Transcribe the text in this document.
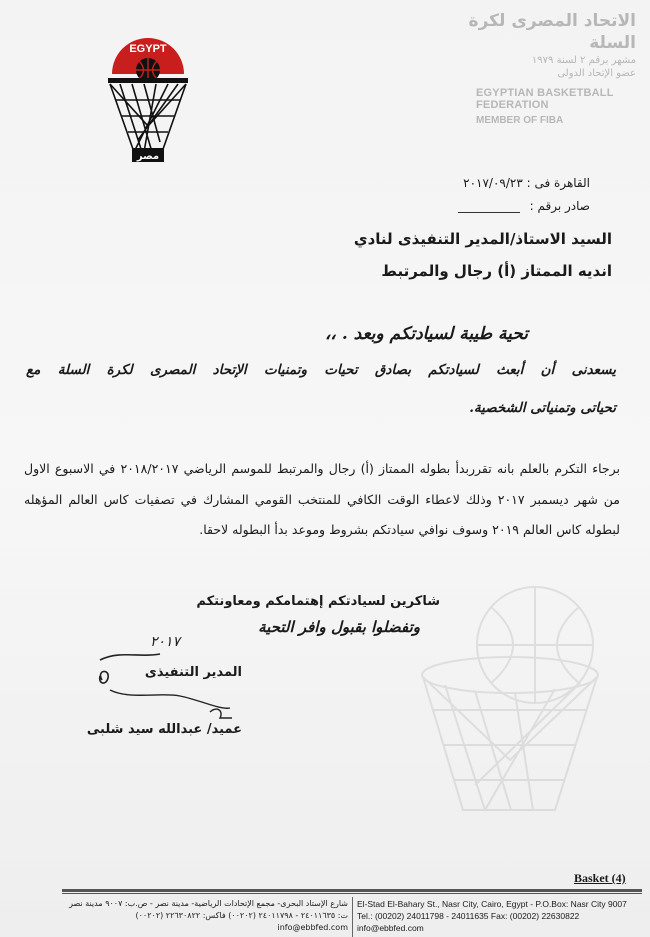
EGYPT
مصر
الاتحاد المصرى لكرة السلة
مشهر برقم ٢ لسنة ١٩٧٩
عضو الإتحاد الدولى
EGYPTIAN BASKETBALL FEDERATION
MEMBER OF FIBA
القاهرة فى : ٢٠١٧/٠٩/٢٣
صادر برقم :
السيد الاستاذ/المدير التنفيذى لنادي
انديه الممتاز (أ) رجال والمرتبط
تحية طيبة لسيادتكم وبعد . ،،
يسعدنى أن أبعث لسيادتكم بصادق تحيات وتمنيات الإتحاد المصرى لكرة السلة مع
تحياتى وتمنياتى الشخصية.
برجاء التكرم بالعلم بانه تقرربدأ بطوله الممتاز (أ) رجال والمرتبط للموسم الرياضي ٢٠١٨/٢٠١٧ في الاسبوع الاول من شهر ديسمبر ٢٠١٧ وذلك لاعطاء الوقت الكافي للمنتخب القومي المشارك في تصفيات كاس العالم المؤهله لبطوله كاس العالم ٢٠١٩ وسوف نوافي سيادتكم بشروط وموعد بدأ البطوله لاحقا.
شاكرين لسيادتكم إهتمامكم ومعاونتكم
وتفضلوا بقبول وافر التحية
٢٠١٧
المدير التنفيذى
عميد/ عبدالله سيد شلبى
Basket (4)
شارع الإستاد البحرى- مجمع الإتحادات الرياضية- مدينة نصر - ص.ب: ٩٠٠٧ مدينة نصر
ت: ٢٤٠١١٦٣٥ - ٢٤٠١١٧٩٨ (٠٠٢٠٢) فاكس: ٢٢٦٣٠٨٢٢ (٠٠٢٠٢)
info@ebbfed.com
El-Stad El-Bahary St., Nasr City, Cairo, Egypt - P.O.Box: Nasr City 9007
Tel.: (00202) 24011798 - 24011635 Fax: (00202) 22630822
info@ebbfed.com
